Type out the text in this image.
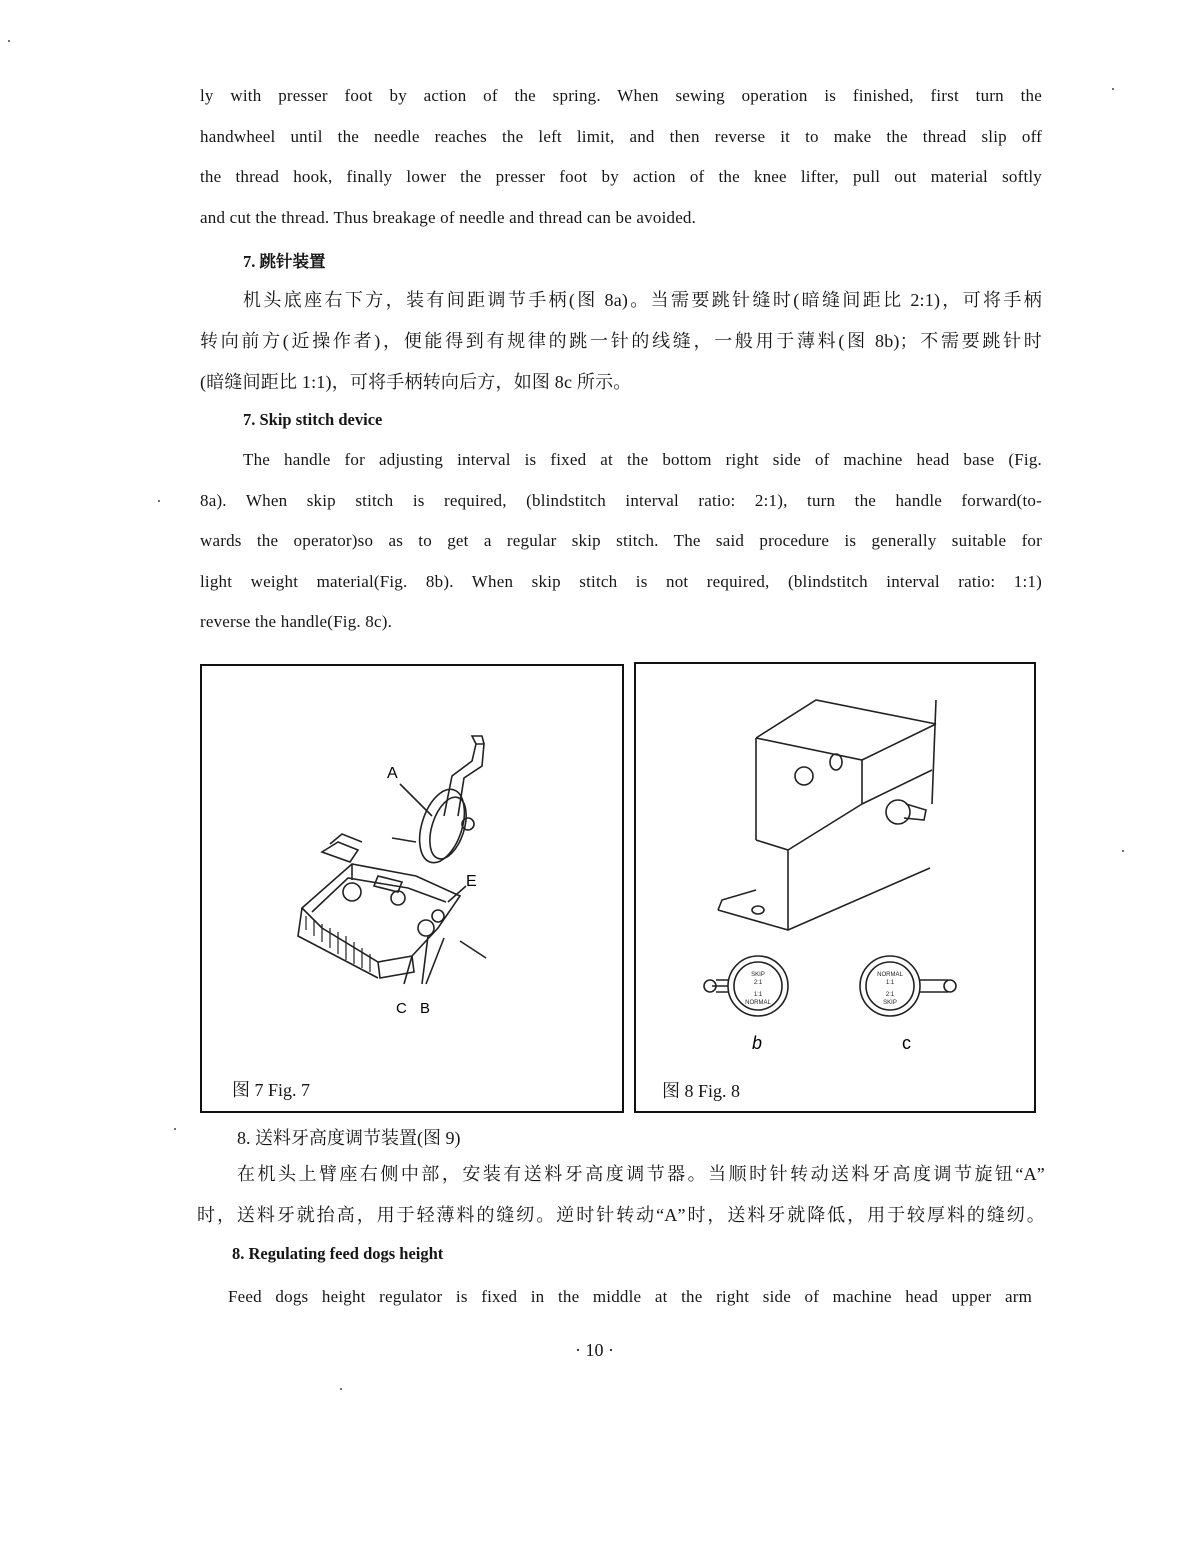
ly with presser foot by action of the spring. When sewing operation is finished, first turn the
handwheel until the needle reaches the left limit, and then reverse it to make the thread slip off
the thread hook, finally lower the presser foot by action of the knee lifter, pull out material softly
and cut the thread. Thus breakage of needle and thread can be avoided.
7. 跳针装置
机头底座右下方，装有间距调节手柄(图 8a)。当需要跳针缝时(暗缝间距比 2:1)，可将手柄
转向前方(近操作者)，便能得到有规律的跳一针的线缝，一般用于薄料(图 8b)；不需要跳针时
(暗缝间距比 1:1)，可将手柄转向后方，如图 8c 所示。
7. Skip stitch device
The handle for adjusting interval is fixed at the bottom right side of machine head base (Fig.
8a). When skip stitch is required, (blindstitch interval ratio: 2:1), turn the handle forward(to-
wards the operator)so as to get a regular skip stitch. The said procedure is generally suitable for
light weight material(Fig. 8b). When skip stitch is not required, (blindstitch interval ratio: 1:1)
reverse the handle(Fig. 8c).
A
E
C B
图 7 Fig. 7
SKIP
2:1
1:1
NORMAL
NORMAL
1:1
2:1
SKIP
b	c
图 8 Fig. 8
8. 送料牙高度调节装置(图 9)
在机头上臂座右侧中部，安装有送料牙高度调节器。当顺时针转动送料牙高度调节旋钮“A”
时，送料牙就抬高，用于轻薄料的缝纫。逆时针转动“A”时，送料牙就降低，用于较厚料的缝纫。
8. Regulating feed dogs height
Feed dogs height regulator is fixed in the middle at the right side of machine head upper arm
· 10 ·
